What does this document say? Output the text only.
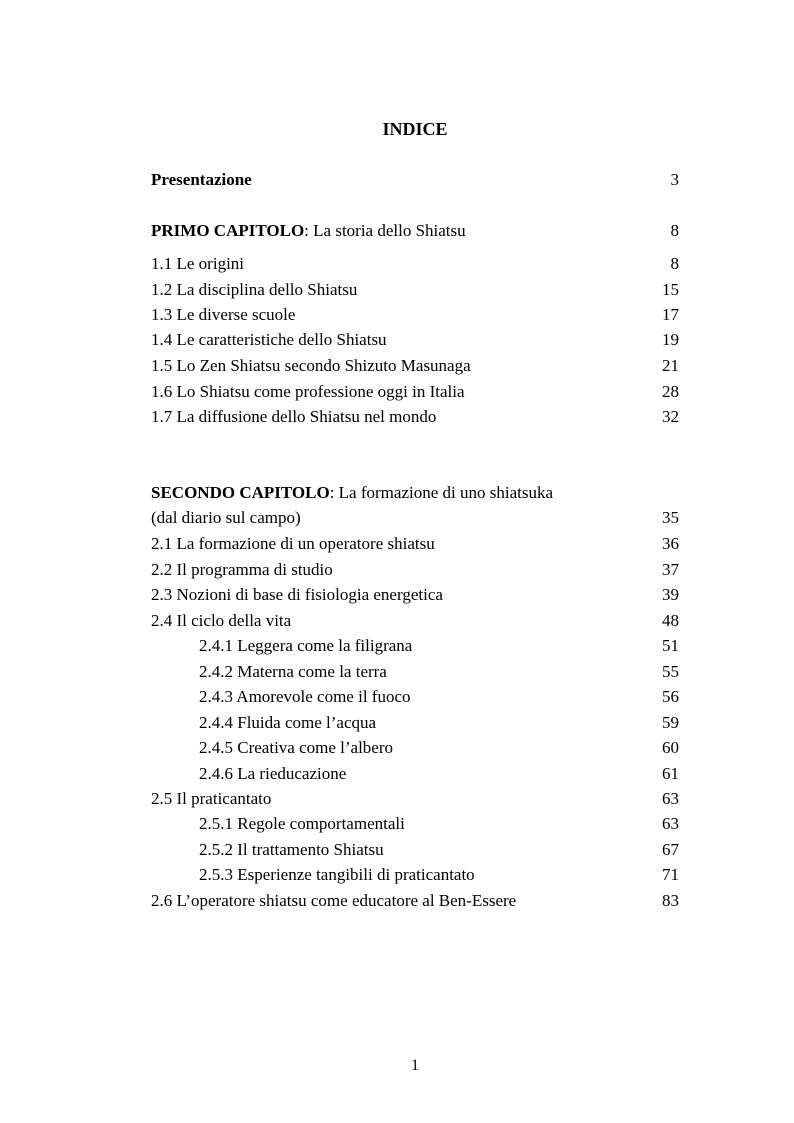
INDICE
Presentazione	3
PRIMO CAPITOLO: La storia dello Shiatsu	8
1.1 Le origini	8
1.2 La disciplina dello Shiatsu	15
1.3 Le diverse scuole	17
1.4 Le caratteristiche dello Shiatsu	19
1.5 Lo Zen Shiatsu secondo Shizuto Masunaga	21
1.6 Lo Shiatsu come professione oggi in Italia	28
1.7 La diffusione dello Shiatsu nel mondo	32
SECONDO CAPITOLO: La formazione di uno shiatsuka
(dal diario sul campo)	35
2.1 La formazione di un operatore shiatsu	36
2.2 Il programma di studio	37
2.3 Nozioni di base di fisiologia energetica	39
2.4 Il ciclo della vita	48
2.4.1 Leggera come la filigrana	51
2.4.2 Materna come la terra	55
2.4.3 Amorevole come il fuoco	56
2.4.4 Fluida come l’acqua	59
2.4.5 Creativa come l’albero	60
2.4.6 La rieducazione	61
2.5 Il praticantato	63
2.5.1 Regole comportamentali	63
2.5.2 Il trattamento Shiatsu	67
2.5.3 Esperienze tangibili di praticantato	71
2.6 L’operatore shiatsu come educatore al Ben-Essere	83
1
